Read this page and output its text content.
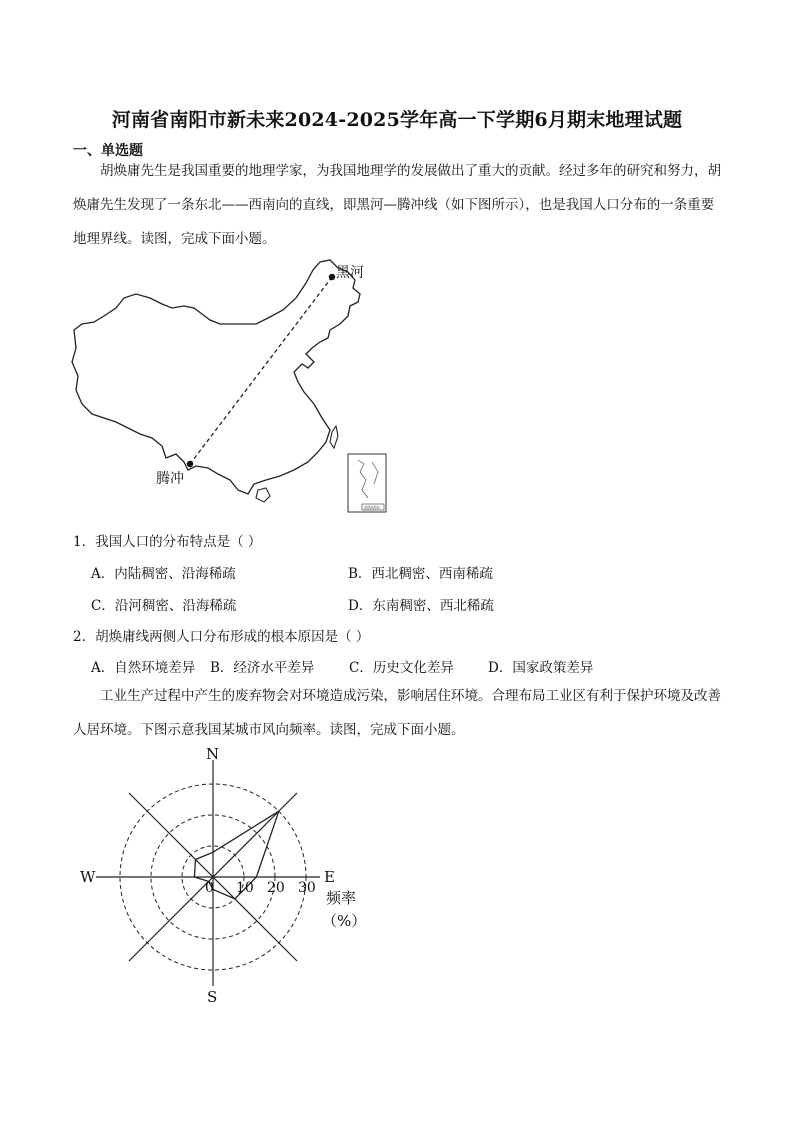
河南省南阳市新未来2024-2025学年高一下学期6月期末地理试题
一、单选题

胡焕庸先生是我国重要的地理学家，为我国地理学的发展做出了重大的贡献。经过多年的研究和努力，胡焕庸先生发现了一条东北——西南向的直线，即黑河—腾冲线（如下图所示），也是我国人口分布的一条重要地理界线。读图，完成下面小题。

黑河
腾冲
南海诸岛
1．我国人口的分布特点是（ ）
A．内陆稠密、沿海稀疏	B．西北稠密、西南稀疏
C．沿河稠密、沿海稀疏	D．东南稠密、西北稀疏
2．胡焕庸线两侧人口分布形成的根本原因是（ ）
A．自然环境差异 B．经济水平差异	C．历史文化差异	D．国家政策差异

工业生产过程中产生的废弃物会对环境造成污染，影响居住环境。合理布局工业区有利于保护环境及改善人居环境。下图示意我国某城市风向频率。读图，完成下面小题。

N
S
W	E
0 10 20 30
频率
（%）
